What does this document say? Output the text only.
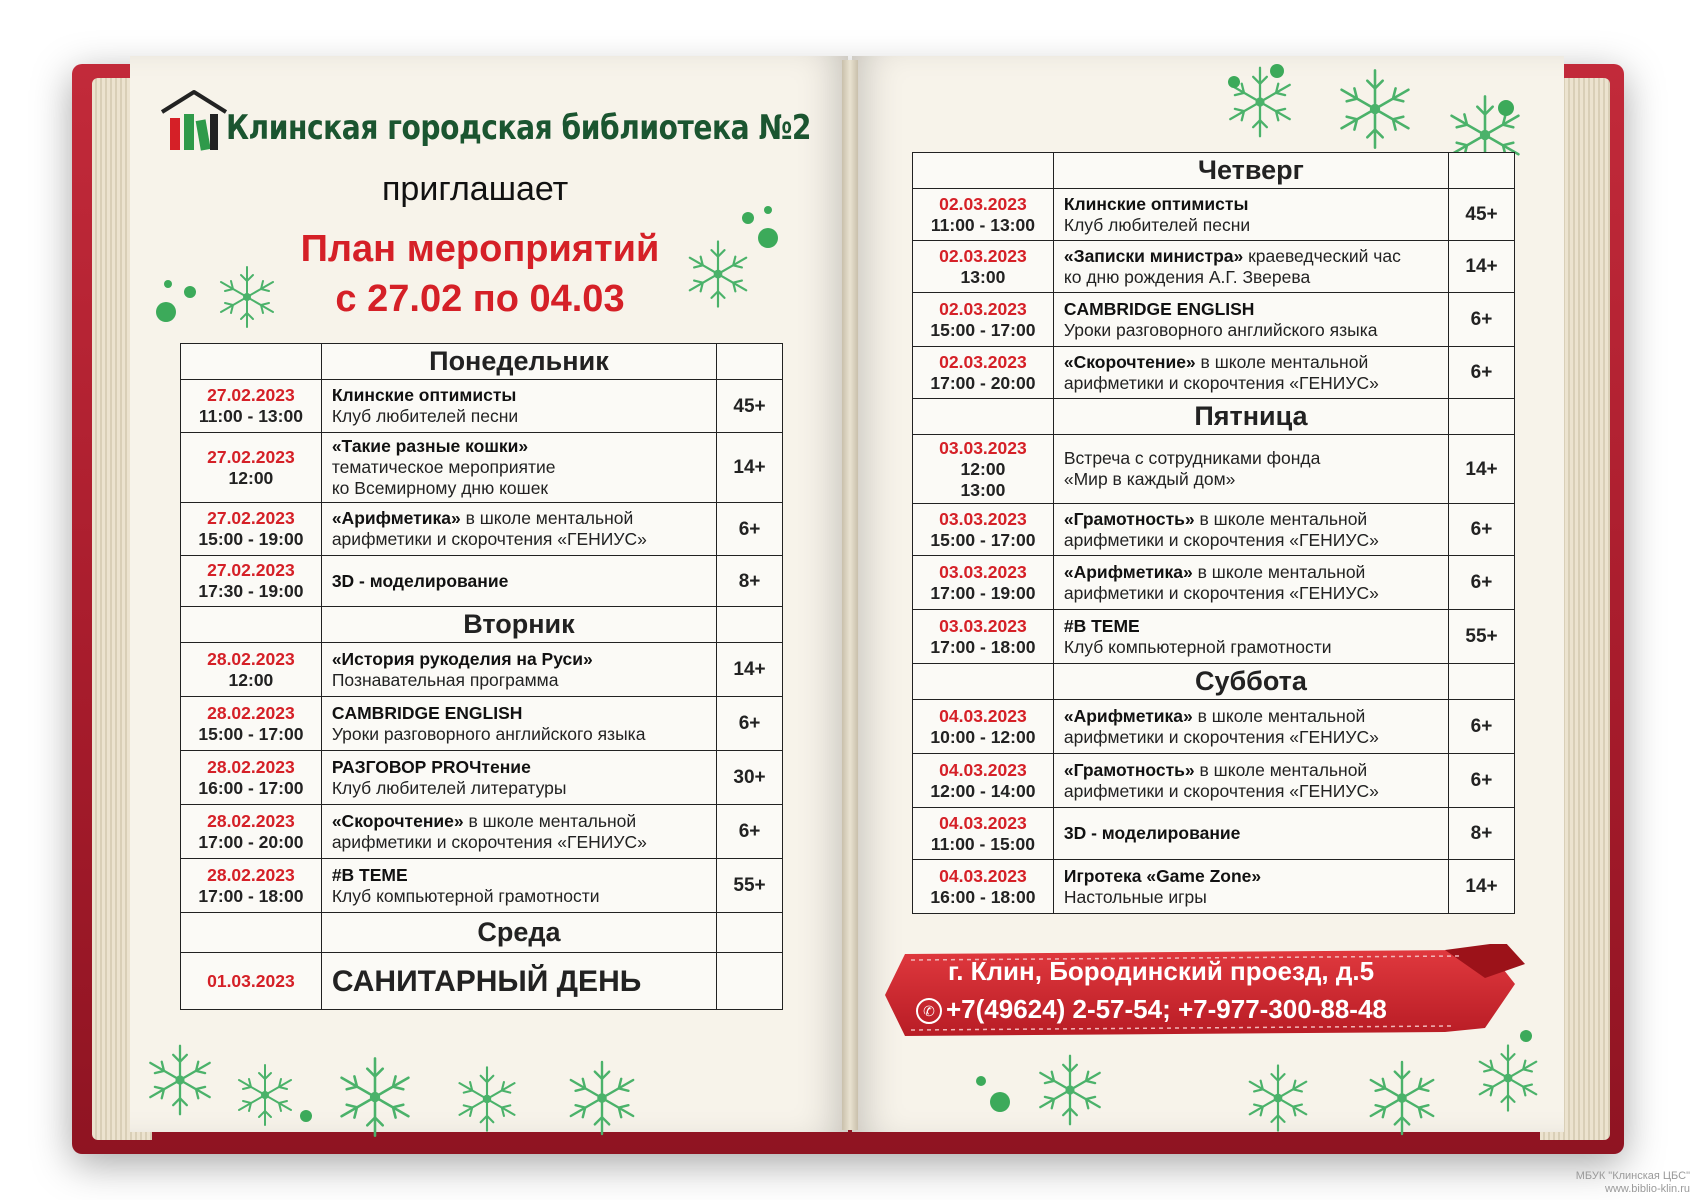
Клинская городская библиотека №2
приглашает
План мероприятий
с 27.02 по 04.03
	Понедельник	

27.02.2023
11:00 - 13:00	Клинские оптимисты
Клуб любителей песни	45+

27.02.2023
12:00	«Такие разные кошки»
тематическое мероприятие
ко Всемирному дню кошек	14+

27.02.2023
15:00 - 19:00	«Арифметика» в школе ментальной
арифметики и скорочтения «ГЕНИУС»	6+

27.02.2023
17:30 - 19:00	3D - моделирование	8+
	Вторник	

28.02.2023
12:00	«История рукоделия на Руси»
Познавательная программа	14+

28.02.2023
15:00 - 17:00	CAMBRIDGE ENGLISH
Уроки разговорного английского языка	6+

28.02.2023
16:00 - 17:00	РАЗГОВОР PROЧтение
Клуб любителей литературы	30+

28.02.2023
17:00 - 20:00	«Скорочтение» в школе ментальной
арифметики и скорочтения «ГЕНИУС»	6+

28.02.2023
17:00 - 18:00	#В ТЕМЕ
Клуб компьютерной грамотности	55+
	Среда	

01.03.2023	САНИТАРНЫЙ ДЕНЬ	
	Четверг	

02.03.2023
11:00 - 13:00	Клинские оптимисты
Клуб любителей песни	45+

02.03.2023
13:00	«Записки министра» краеведческий час
ко дню рождения А.Г. Зверева	14+

02.03.2023
15:00 - 17:00	CAMBRIDGE ENGLISH
Уроки разговорного английского языка	6+

02.03.2023
17:00 - 20:00	«Скорочтение» в школе ментальной
арифметики и скорочтения «ГЕНИУС»	6+
	Пятница	

03.03.2023
12:00
13:00	Встреча с сотрудниками фонда
«Мир в каждый дом»	14+

03.03.2023
15:00 - 17:00	«Грамотность» в школе ментальной
арифметики и скорочтения «ГЕНИУС»	6+

03.03.2023
17:00 - 19:00	«Арифметика» в школе ментальной
арифметики и скорочтения «ГЕНИУС»	6+

03.03.2023
17:00 - 18:00	#В ТЕМЕ
Клуб компьютерной грамотности	55+
	Суббота	

04.03.2023
10:00 - 12:00	«Арифметика» в школе ментальной
арифметики и скорочтения «ГЕНИУС»	6+

04.03.2023
12:00 - 14:00	«Грамотность» в школе ментальной
арифметики и скорочтения «ГЕНИУС»	6+

04.03.2023
11:00 - 15:00	3D - моделирование	8+

04.03.2023
16:00 - 18:00	Игротека «Game Zone»
Настольные игры	14+
г. Клин, Бородинский проезд, д.5
✆ +7(49624) 2-57-54; +7-977-300-88-48
МБУК "Клинская ЦБС"
www.biblio-klin.ru
